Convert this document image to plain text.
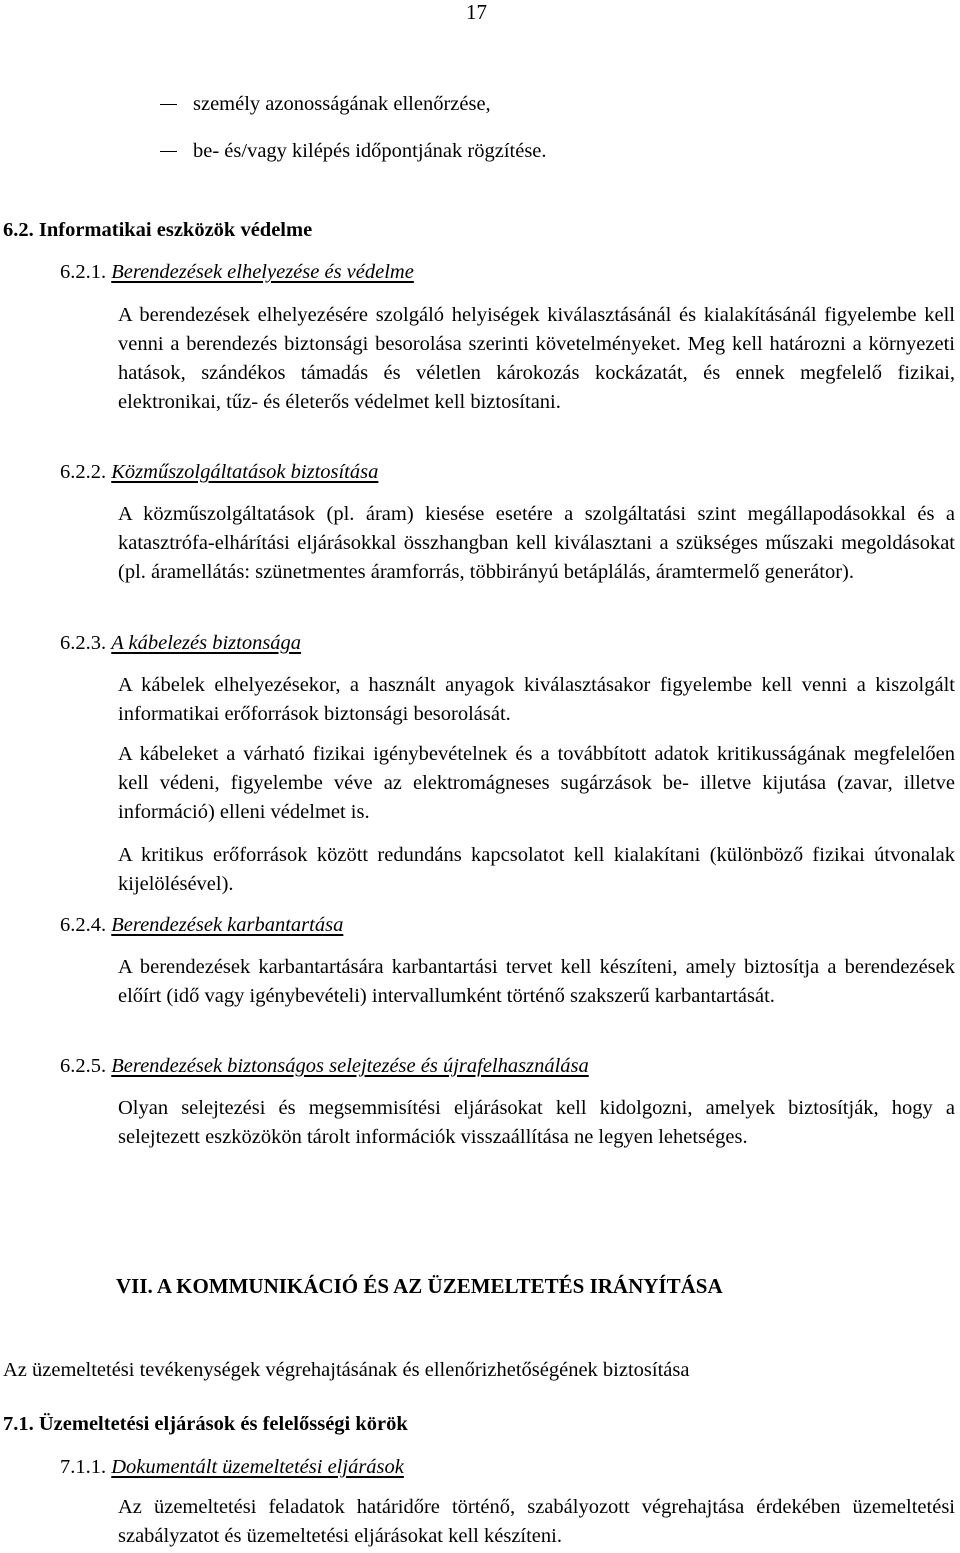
17
személy azonosságának ellenőrzése,
be- és/vagy kilépés időpontjának rögzítése.
6.2. Informatikai eszközök védelme
6.2.1. Berendezések elhelyezése és védelme

A berendezések elhelyezésére szolgáló helyiségek kiválasztásánál és kialakításánál figyelembe kell venni a berendezés biztonsági besorolása szerinti követelményeket. Meg kell határozni a környezeti hatások, szándékos támadás és véletlen károkozás kockázatát, és ennek megfelelő fizikai, elektronikai, tűz- és életerős védelmet kell biztosítani.

6.2.2. Közműszolgáltatások biztosítása

A közműszolgáltatások (pl. áram) kiesése esetére a szolgáltatási szint megállapodásokkal és a katasztrófa-elhárítási eljárásokkal összhangban kell kiválasztani a szükséges műszaki megoldásokat (pl. áramellátás: szünetmentes áramforrás, többirányú betáplálás, áramtermelő generátor).

6.2.3. A kábelezés biztonsága

A kábelek elhelyezésekor, a használt anyagok kiválasztásakor figyelembe kell venni a kiszolgált informatikai erőforrások biztonsági besorolását.

A kábeleket a várható fizikai igénybevételnek és a továbbított adatok kritikusságának megfelelően kell védeni, figyelembe véve az elektromágneses sugárzások be- illetve kijutása (zavar, illetve információ) elleni védelmet is.

A kritikus erőforrások között redundáns kapcsolatot kell kialakítani (különböző fizikai útvonalak kijelölésével).

6.2.4. Berendezések karbantartása

A berendezések karbantartására karbantartási tervet kell készíteni, amely biztosítja a berendezések előírt (idő vagy igénybevételi) intervallumként történő szakszerű karbantartását.

6.2.5. Berendezések biztonságos selejtezése és újrafelhasználása

Olyan selejtezési és megsemmisítési eljárásokat kell kidolgozni, amelyek biztosítják, hogy a selejtezett eszközökön tárolt információk visszaállítása ne legyen lehetséges.

VII. A KOMMUNIKÁCIÓ ÉS AZ ÜZEMELTETÉS IRÁNYÍTÁSA
Az üzemeltetési tevékenységek végrehajtásának és ellenőrizhetőségének biztosítása
7.1. Üzemeltetési eljárások és felelősségi körök
7.1.1. Dokumentált üzemeltetési eljárások

Az üzemeltetési feladatok határidőre történő, szabályozott végrehajtása érdekében üzemeltetési szabályzatot és üzemeltetési eljárásokat kell készíteni.
